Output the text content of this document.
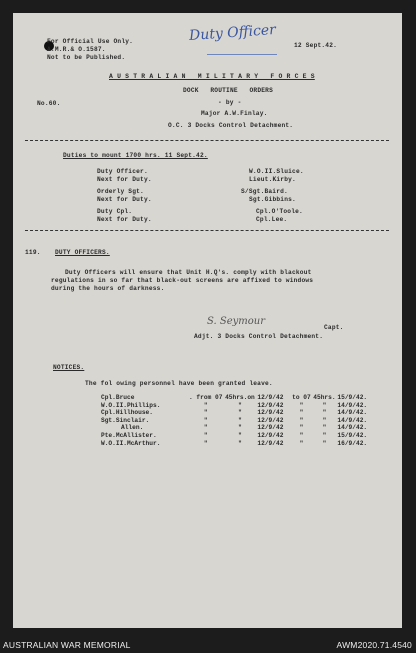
For Official Use Only.
A.M.R.& O.1587.
Not to be Published.
Duty Officer
12 Sept.42.
A U S T R A L I A N   M I L I T A R Y   F O R C E S
DOCK   ROUTINE   ORDERS
- by -
Major A.W.Finlay.
O.C. 3 Docks Control Detachment.
No.60.
Duties to mount 1700 hrs. 11 Sept.42.
Duty Officer.	W.O.II.Sluice.
Next for Duty.	Lieut.Kirby.
Orderly Sgt.	S/Sgt.Baird.
Next for Duty.	Sgt.Gibbins.
Duty Cpl.	Cpl.O'Toole.
Next for Duty.	Cpl.Lee.
119. DUTY OFFICERS.
Duty Officers will ensure that Unit H.Q's. comply with blackout
regulations in so far that black-out screens are affixed to windows
during the hours of darkness.
S. Seymour
Capt.
Adjt. 3 Docks Control Detachment.
NOTICES.
The fol owing personnel have been granted leave.
Cpl.Bruce	. from 07	45hrs.on	12/9/42	to 07	45hrs.	15/9/42.
W.O.II.Phillips.	"	"	12/9/42	"	"	14/9/42.
Cpl.Hillhouse.	"	"	12/9/42	"	"	14/9/42.
Sgt.Sinclair.	"	"	12/9/42	"	"	14/9/42.
Allen.	"	"	12/9/42	"	"	14/9/42.
Pte.McAllister.	"	"	12/9/42	"	"	15/9/42.
W.O.II.McArthur.	"	"	12/9/42	"	"	16/9/42.
AUSTRALIAN WAR MEMORIAL	AWM2020.71.4540
